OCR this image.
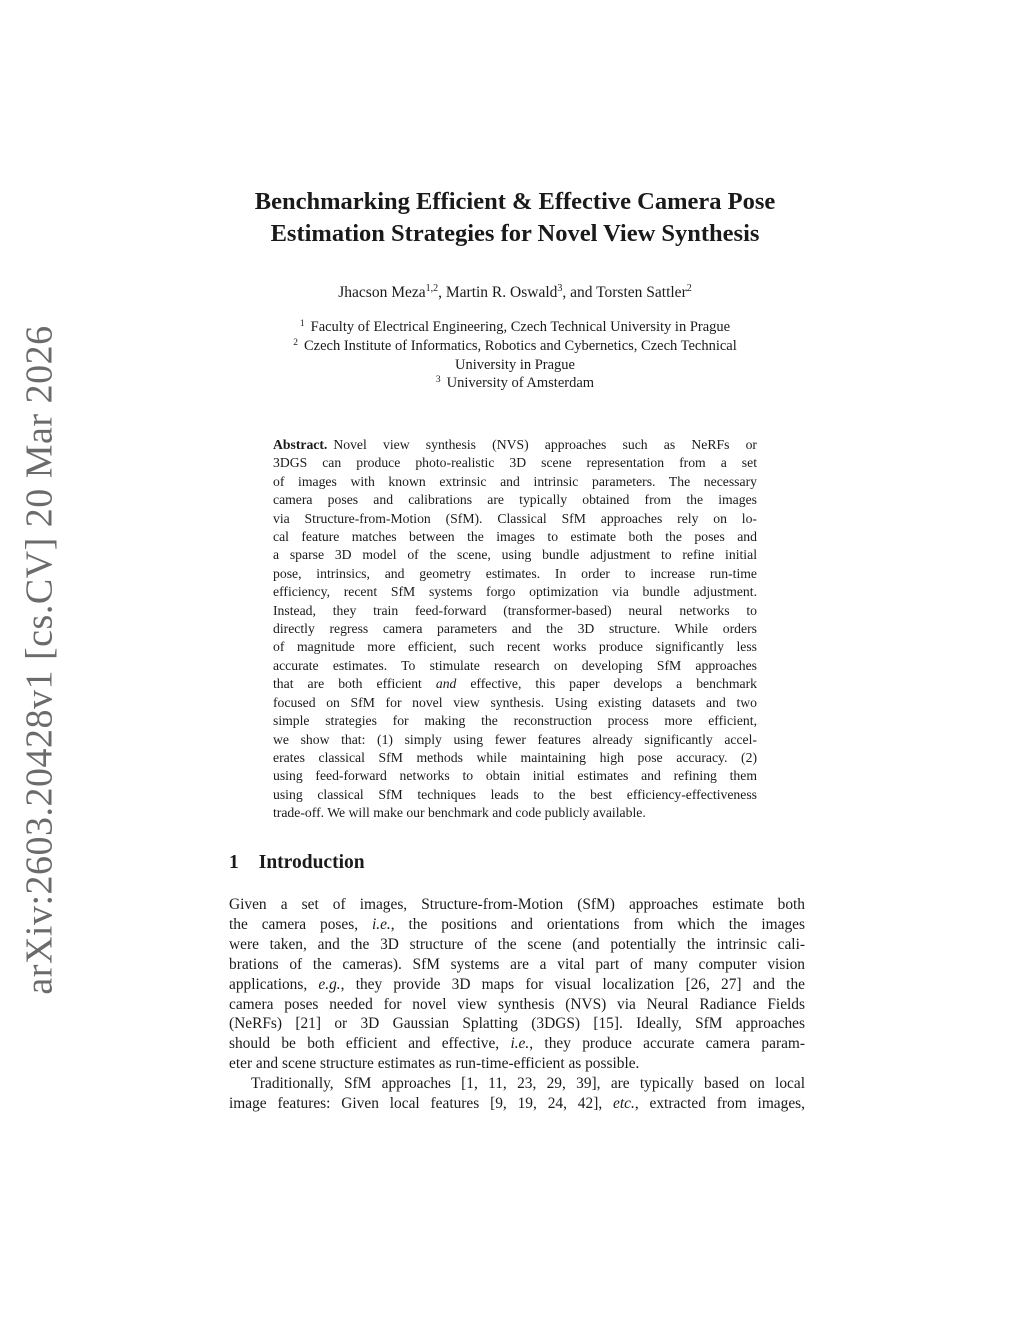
arXiv:2603.20428v1 [cs.CV] 20 Mar 2026
Benchmarking Efficient & Effective Camera Pose
Estimation Strategies for Novel View Synthesis
Jhacson Meza$^{1,2}$, Martin R. Oswald$^3$, and Torsten Sattler$^2$
$^1$ Faculty of Electrical Engineering, Czech Technical University in Prague
$^2$ Czech Institute of Informatics, Robotics and Cybernetics, Czech Technical
University in Prague
$^3$ University of Amsterdam
Abstract. Novel view synthesis (NVS) approaches such as NeRFs or
3DGS can produce photo-realistic 3D scene representation from a set
of images with known extrinsic and intrinsic parameters. The necessary
camera poses and calibrations are typically obtained from the images
via Structure-from-Motion (SfM). Classical SfM approaches rely on lo-
cal feature matches between the images to estimate both the poses and
a sparse 3D model of the scene, using bundle adjustment to refine initial
pose, intrinsics, and geometry estimates. In order to increase run-time
efficiency, recent SfM systems forgo optimization via bundle adjustment.
Instead, they train feed-forward (transformer-based) neural networks to
directly regress camera parameters and the 3D structure. While orders
of magnitude more efficient, such recent works produce significantly less
accurate estimates. To stimulate research on developing SfM approaches
that are both efficient and effective, this paper develops a benchmark
focused on SfM for novel view synthesis. Using existing datasets and two
simple strategies for making the reconstruction process more efficient,
we show that: (1) simply using fewer features already significantly accel-
erates classical SfM methods while maintaining high pose accuracy. (2)
using feed-forward networks to obtain initial estimates and refining them
using classical SfM techniques leads to the best efficiency-effectiveness
trade-off. We will make our benchmark and code publicly available.
1 Introduction
Given a set of images, Structure-from-Motion (SfM) approaches estimate both
the camera poses, i.e., the positions and orientations from which the images
were taken, and the 3D structure of the scene (and potentially the intrinsic cali-
brations of the cameras). SfM systems are a vital part of many computer vision
applications, e.g., they provide 3D maps for visual localization [26, 27] and the
camera poses needed for novel view synthesis (NVS) via Neural Radiance Fields
(NeRFs) [21] or 3D Gaussian Splatting (3DGS) [15]. Ideally, SfM approaches
should be both efficient and effective, i.e., they produce accurate camera param-
eter and scene structure estimates as run-time-efficient as possible.
Traditionally, SfM approaches [1, 11, 23, 29, 39], are typically based on local
image features: Given local features [9, 19, 24, 42], etc., extracted from images,
